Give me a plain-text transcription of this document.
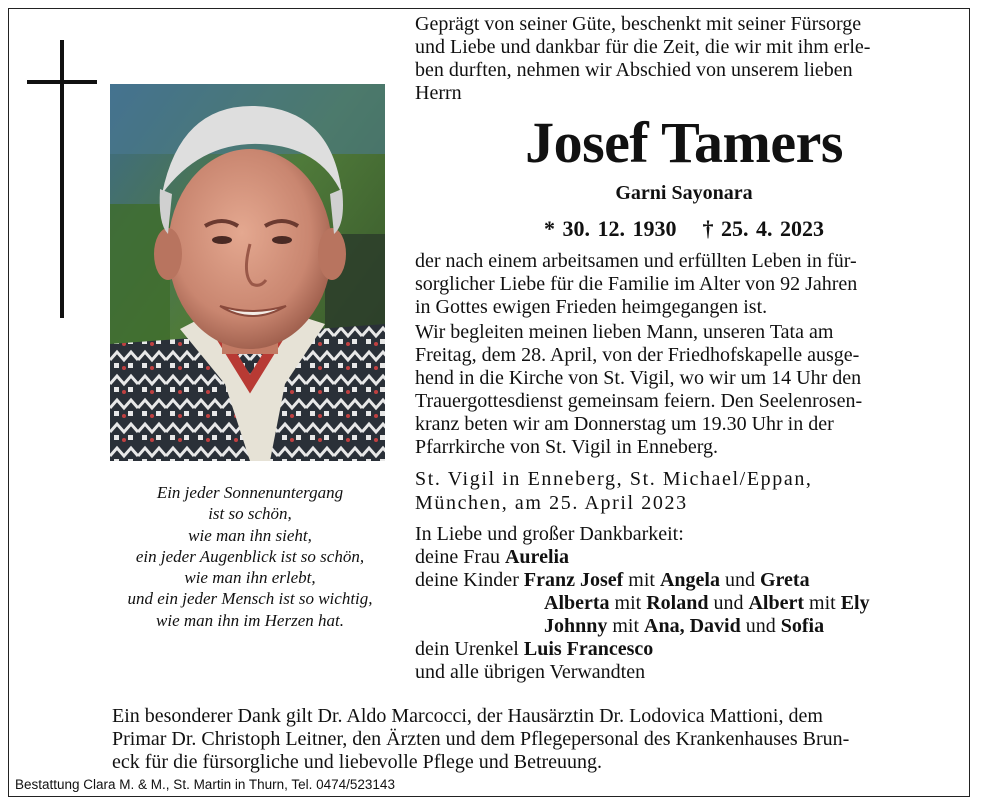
Ein jeder Sonnenuntergang
ist so schön,
wie man ihn sieht,
ein jeder Augenblick ist so schön,
wie man ihn erlebt,
und ein jeder Mensch ist so wichtig,
wie man ihn im Herzen hat.
Geprägt von seiner Güte, beschenkt mit seiner Fürsorge
und Liebe und dankbar für die Zeit, die wir mit ihm erle-
ben durften, nehmen wir Abschied von unserem lieben
Herrn
Josef Tamers
Garni Sayonara
* 30. 12. 1930 † 25. 4. 2023
der nach einem arbeitsamen und erfüllten Leben in für-
sorglicher Liebe für die Familie im Alter von 92 Jahren
in Gottes ewigen Frieden heimgegangen ist.
Wir begleiten meinen lieben Mann, unseren Tata am
Freitag, dem 28. April, von der Friedhofskapelle ausge-
hend in die Kirche von St. Vigil, wo wir um 14 Uhr den
Trauergottesdienst gemeinsam feiern. Den Seelenrosen-
kranz beten wir am Donnerstag um 19.30 Uhr in der
Pfarrkirche von St. Vigil in Enneberg.
St. Vigil in Enneberg, St. Michael/Eppan,
München, am 25. April 2023
In Liebe und großer Dankbarkeit:
deine Frau Aurelia
deine Kinder Franz Josef mit Angela und Greta
Alberta mit Roland und Albert mit Ely
Johnny mit Ana, David und Sofia
dein Urenkel Luis Francesco
und alle übrigen Verwandten
Ein besonderer Dank gilt Dr. Aldo Marcocci, der Hausärztin Dr. Lodovica Mattioni, dem
Primar Dr. Christoph Leitner, den Ärzten und dem Pflegepersonal des Krankenhauses Brun-
eck für die fürsorgliche und liebevolle Pflege und Betreuung.
Bestattung Clara M. & M., St. Martin in Thurn, Tel. 0474/523143
